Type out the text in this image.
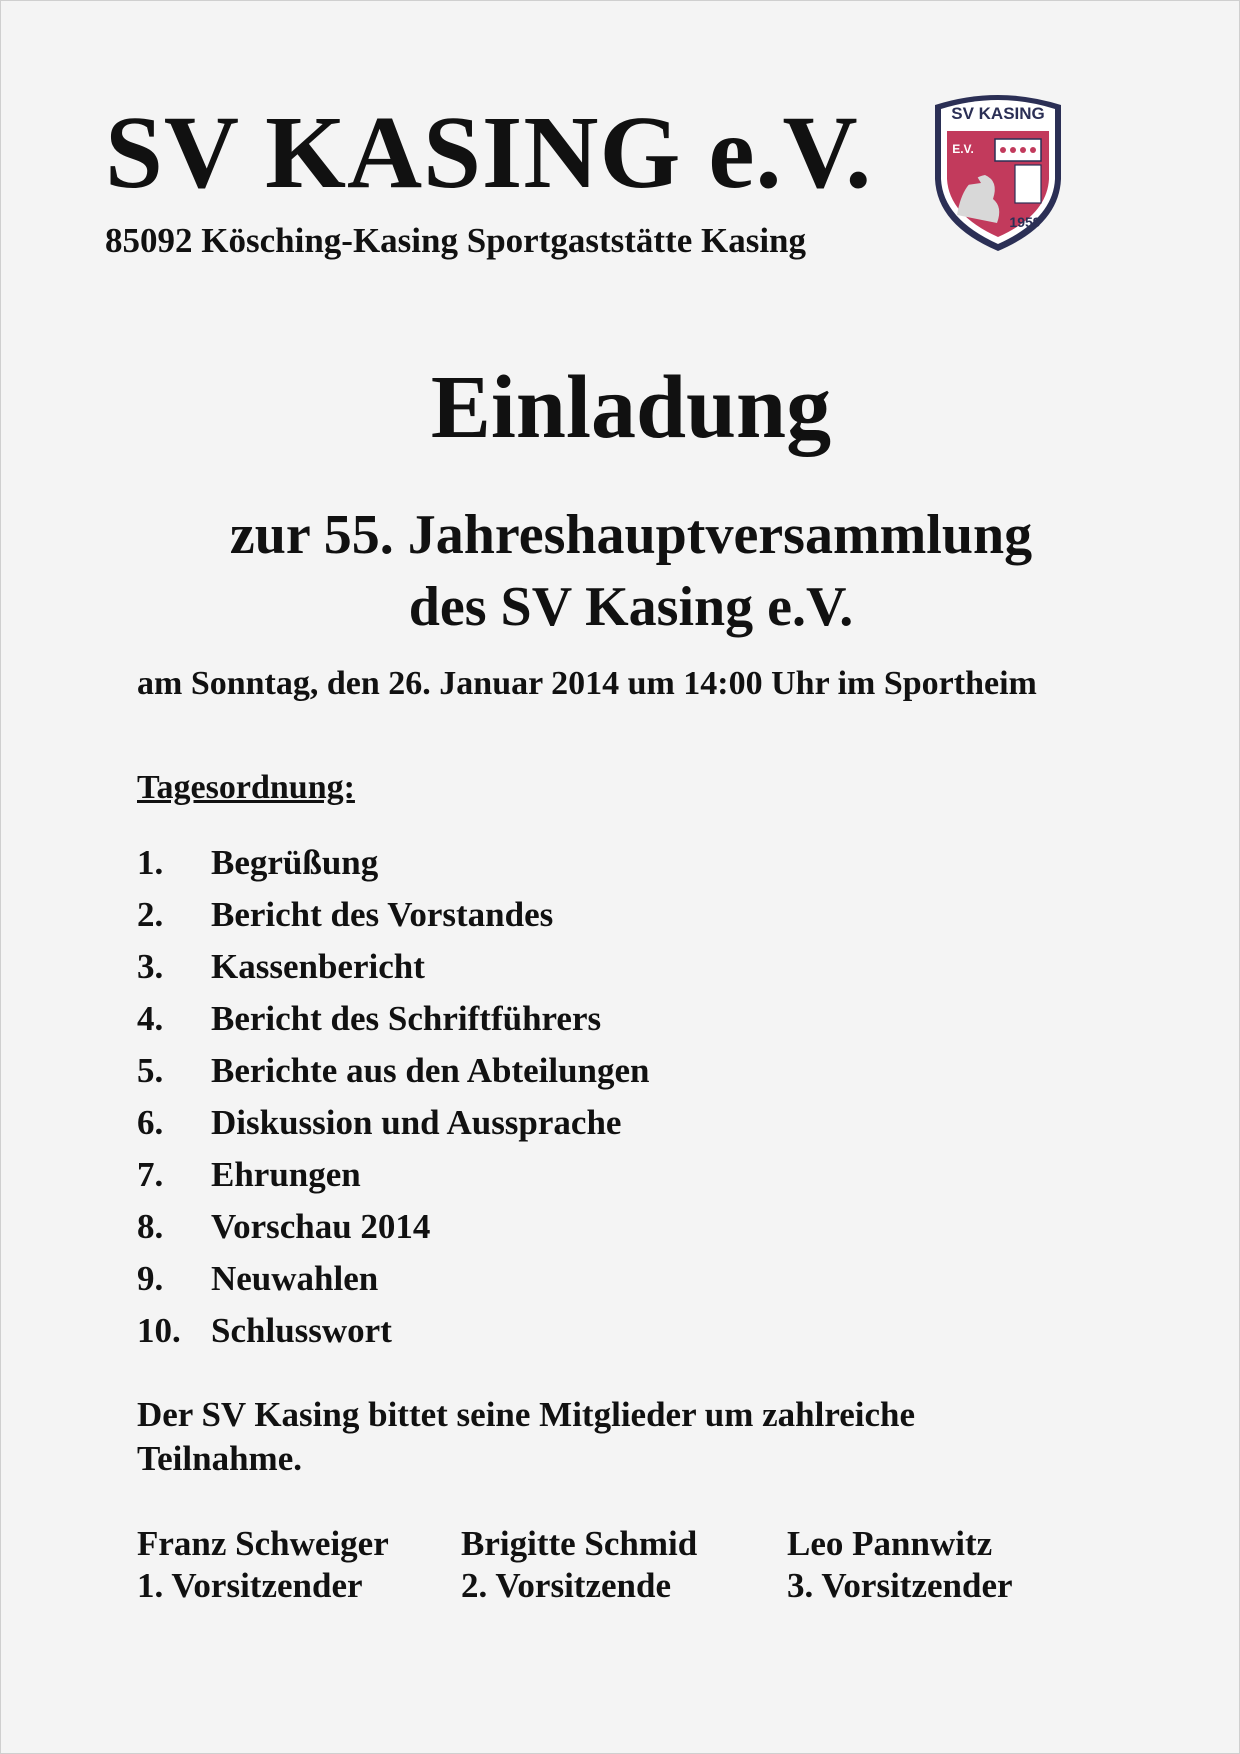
SV KASING e.V.
85092 Kösching-Kasing Sportgaststätte Kasing
SV KASING
E.V.
1959
Einladung
zur 55. Jahreshauptversammlung
des SV Kasing e.V.
am Sonntag, den 26. Januar 2014 um 14:00 Uhr im Sportheim
Tagesordnung:
1.	Begrüßung
2.	Bericht des Vorstandes
3.	Kassenbericht
4.	Bericht des Schriftführers
5.	Berichte aus den Abteilungen
6.	Diskussion und Aussprache
7.	Ehrungen
8.	Vorschau 2014
9.	Neuwahlen
10. Schlusswort
Der SV Kasing bittet seine Mitglieder um zahlreiche Teilnahme.
Franz Schweiger
1. Vorsitzender
Brigitte Schmid
2. Vorsitzende
Leo Pannwitz
3. Vorsitzender
